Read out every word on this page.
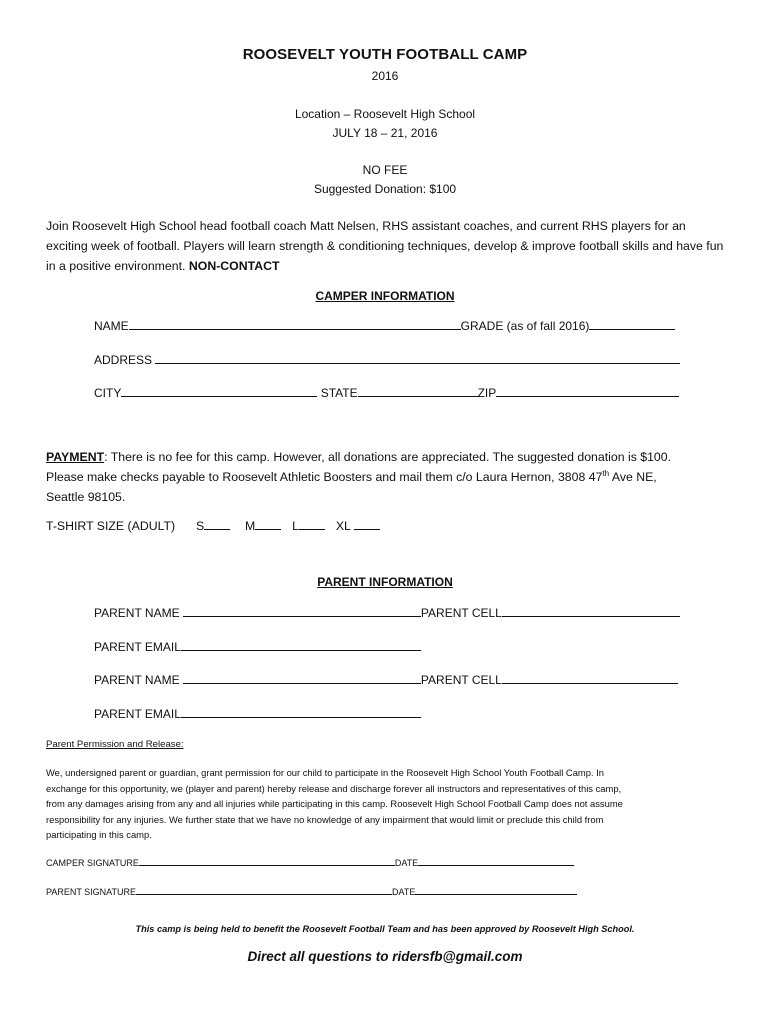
ROOSEVELT YOUTH FOOTBALL CAMP
2016
Location – Roosevelt High School
JULY 18 – 21, 2016
NO FEE
Suggested Donation: $100
Join Roosevelt High School head football coach Matt Nelsen, RHS assistant coaches, and current RHS players for an exciting week of football. Players will learn strength & conditioning techniques, develop & improve football skills and have fun in a positive environment. NON-CONTACT
CAMPER INFORMATION
NAME	GRADE (as of fall 2016)
ADDRESS
CITY	STATE	ZIP
PAYMENT: There is no fee for this camp. However, all donations are appreciated. The suggested donation is $100.
Please make checks payable to Roosevelt Athletic Boosters and mail them c/o Laura Hernon, 3808 47th Ave NE,
Seattle 98105.
T-SHIRT SIZE (ADULT) S	M	L	XL
PARENT INFORMATION
PARENT NAME	PARENT CELL
PARENT EMAIL
PARENT NAME	PARENT CELL
PARENT EMAIL
Parent Permission and Release:
We, undersigned parent or guardian, grant permission for our child to participate in the Roosevelt High School Youth Football Camp. In
exchange for this opportunity, we (player and parent) hereby release and discharge forever all instructors and representatives of this camp,
from any damages arising from any and all injuries while participating in this camp. Roosevelt High School Football Camp does not assume
responsibility for any injuries. We further state that we have no knowledge of any impairment that would limit or preclude this child from
participating in this camp.
CAMPER SIGNATURE	DATE
PARENT SIGNATURE	DATE
This camp is being held to benefit the Roosevelt Football Team and has been approved by Roosevelt High School.
Direct all questions to ridersfb@gmail.com
